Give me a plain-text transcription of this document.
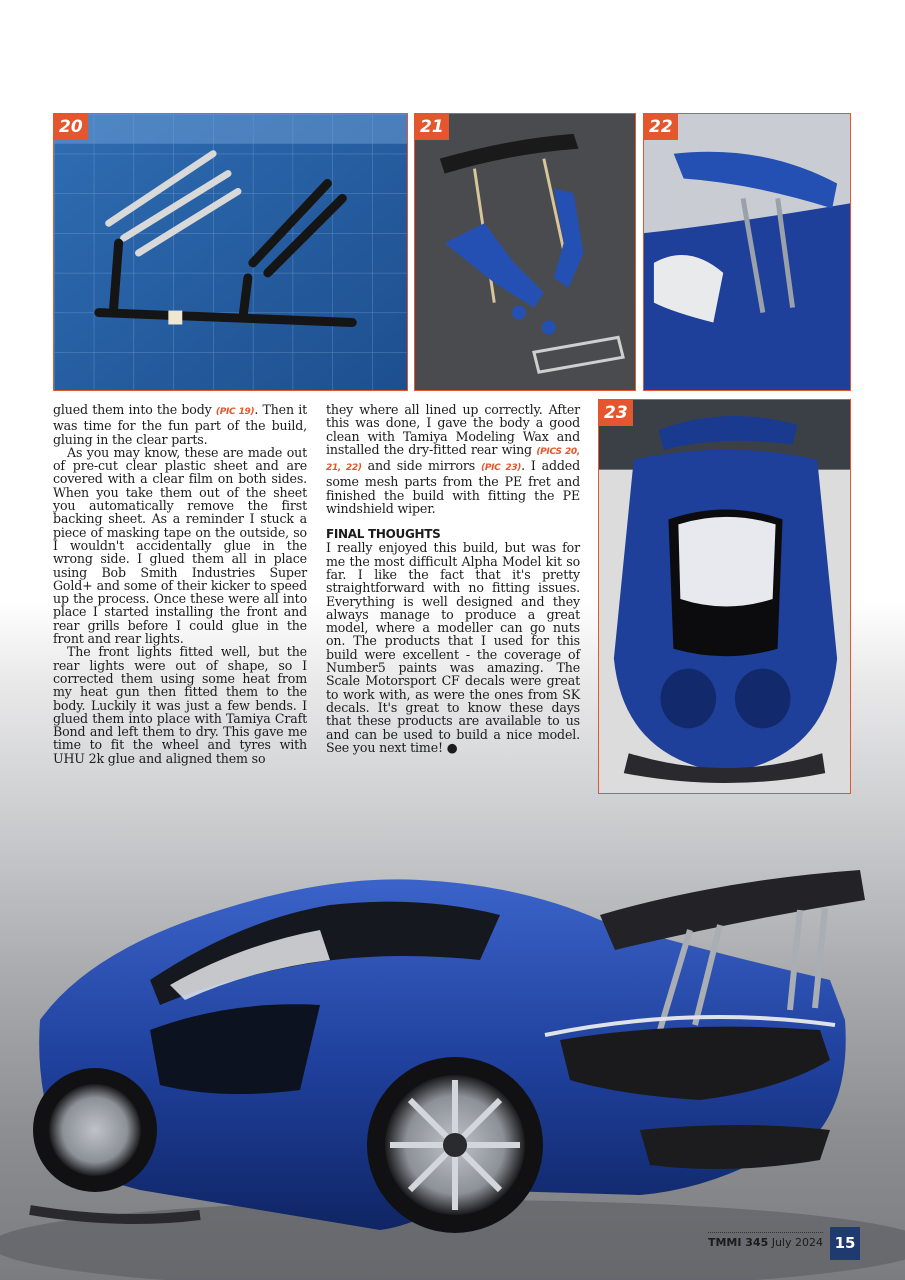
20	21	22
23

glued them into the body (PIC 19). Then it was time for the fun part of the build, gluing in the clear parts.

As you may know, these are made out of pre-cut clear plastic sheet and are covered with a clear film on both sides. When you take them out of the sheet you automatically remove the first backing sheet. As a reminder I stuck a piece of masking tape on the outside, so I wouldn't accidentally glue in the wrong side. I glued them all in place using Bob Smith Industries Super Gold+ and some of their kicker to speed up the process. Once these were all into place I started installing the front and rear grills before I could glue in the front and rear lights.

The front lights fitted well, but the rear lights were out of shape, so I corrected them using some heat from my heat gun then fitted them to the body. Luckily it was just a few bends. I glued them into place with Tamiya Craft Bond and left them to dry. This gave me time to fit the wheel and tyres with UHU 2k glue and aligned them so

they where all lined up correctly. After this was done, I gave the body a good clean with Tamiya Modeling Wax and installed the dry-fitted rear wing (PICS 20, 21, 22) and side mirrors (PIC 23). I added some mesh parts from the PE fret and finished the build with fitting the PE windshield wiper.

FINAL THOUGHTS

I really enjoyed this build, but was for me the most difficult Alpha Model kit so far. I like the fact that it's pretty straightforward with no fitting issues. Everything is well designed and they always manage to produce a great model, where a modeller can go nuts on. The products that I used for this build were excellent - the coverage of Number5 paints was amazing. The Scale Motorsport CF decals were great to work with, as were the ones from SK decals. It's great to know these days that these products are available to us and can be used to build a nice model. See you next time! ●

TMMI 345 July 2024 15
